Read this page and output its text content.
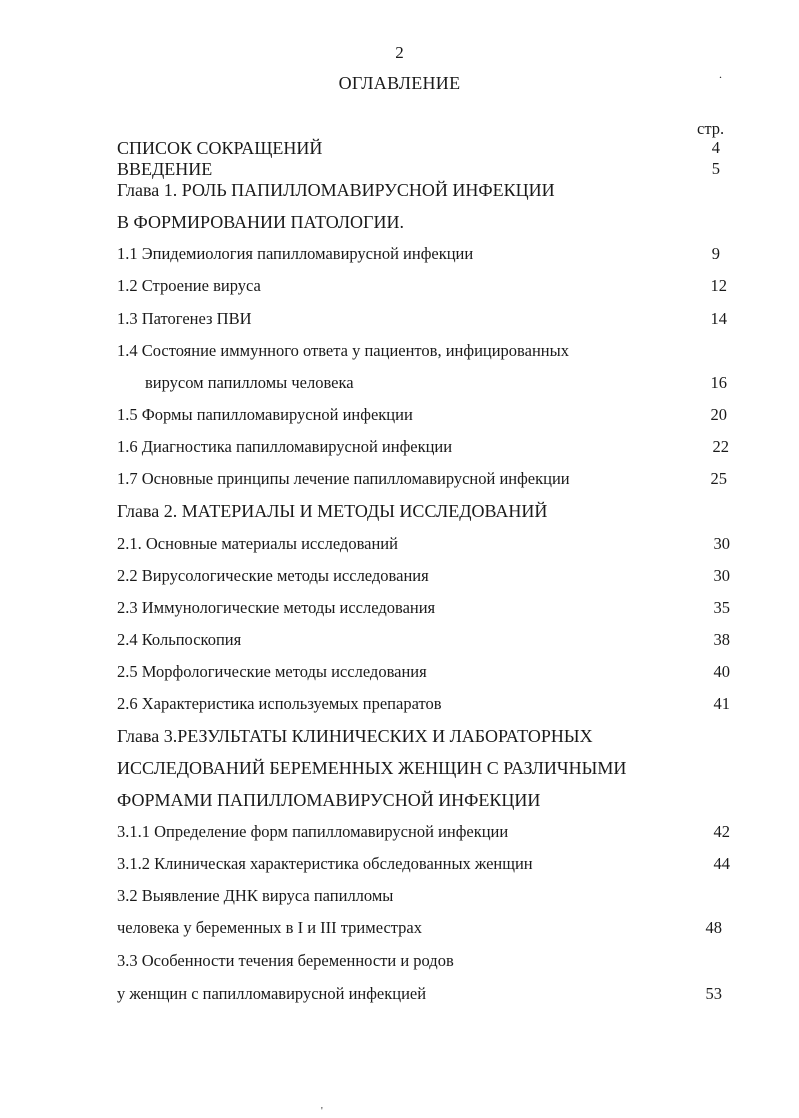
2
ОГЛАВЛЕНИЕ	.
стр.
СПИСОК СОКРАЩЕНИЙ	4
ВВЕДЕНИЕ	5
Глава 1. РОЛЬ ПАПИЛЛОМАВИРУСНОЙ ИНФЕКЦИИ
В ФОРМИРОВАНИИ ПАТОЛОГИИ.
1.1 Эпидемиология папилломавирусной инфекции	9
1.2 Строение вируса	12
1.3 Патогенез ПВИ	14
1.4 Состояние иммунного ответа у пациентов, инфицированных
вирусом папилломы человека	16
1.5 Формы папилломавирусной инфекции	20
1.6 Диагностика папилломавирусной инфекции	22
1.7 Основные принципы лечение папилломавирусной инфекции	25
Глава 2. МАТЕРИАЛЫ И МЕТОДЫ ИССЛЕДОВАНИЙ
2.1. Основные материалы исследований	30
2.2 Вирусологические методы исследования	30
2.3 Иммунологические методы исследования	35
2.4 Кольпоскопия	38
2.5 Морфологические методы исследования	40
2.6 Характеристика используемых препаратов	41
Глава 3.РЕЗУЛЬТАТЫ КЛИНИЧЕСКИХ И ЛАБОРАТОРНЫХ
ИССЛЕДОВАНИЙ БЕРЕМЕННЫХ ЖЕНЩИН С РАЗЛИЧНЫМИ
ФОРМАМИ ПАПИЛЛОМАВИРУСНОЙ ИНФЕКЦИИ
3.1.1 Определение форм папилломавирусной инфекции	42
3.1.2 Клиническая характеристика обследованных женщин	44
3.2 Выявление ДНК вируса папилломы
человека у беременных в I и III триместрах	48
3.3 Особенности течения беременности и родов
у женщин с папилломавирусной инфекцией	53
'
